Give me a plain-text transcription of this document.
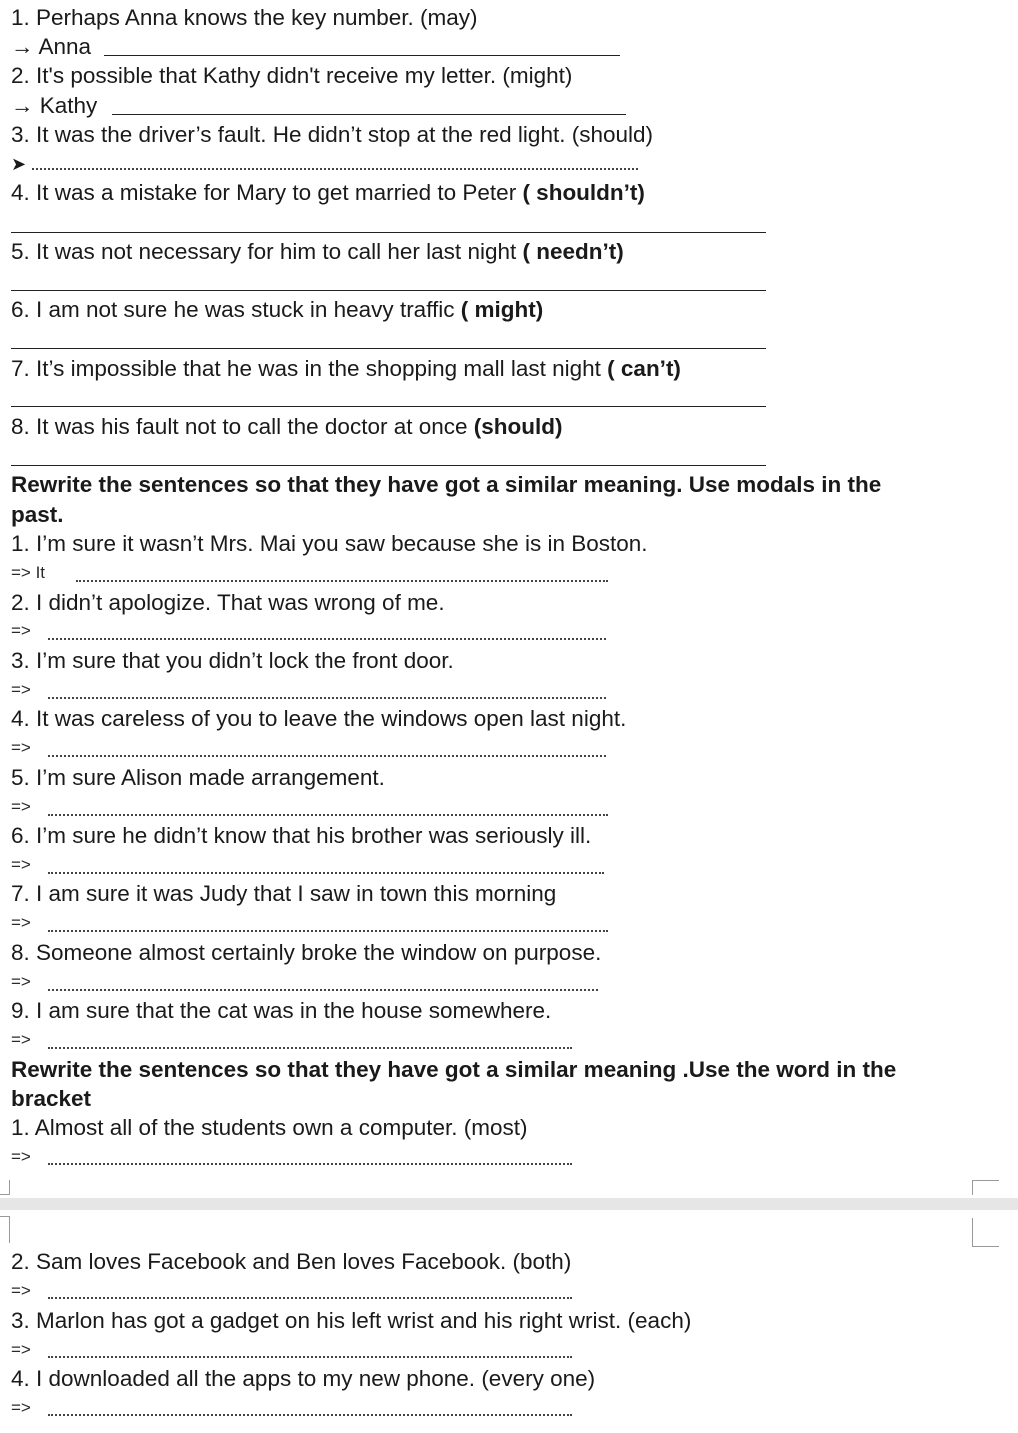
1. Perhaps Anna knows the key number. (may)
→ Anna
2. It's possible that Kathy didn't receive my letter. (might)
→ Kathy
3. It was the driver’s fault. He didn’t stop at the red light. (should)
➤
4. It was a mistake for Mary to get married to Peter ( shouldn’t)
5. It was not necessary for him to call her last night ( needn’t)
6. I am not sure he was stuck in heavy traffic ( might)
7. It’s impossible that he was in the shopping mall last night ( can’t)
8. It was his fault not to call the doctor at once (should)
Rewrite the sentences so that they have got a similar meaning. Use modals in the
past.
1. I’m sure it wasn’t Mrs. Mai you saw because she is in Boston.
=> It
2. I didn’t apologize. That was wrong of me.
=>
3. I’m sure that you didn’t lock the front door.
=>
4. It was careless of you to leave the windows open last night.
=>
5. I’m sure Alison made arrangement.
=>
6. I’m sure he didn’t know that his brother was seriously ill.
=>
7. I am sure it was Judy that I saw in town this morning
=>
8. Someone almost certainly broke the window on purpose.
=>
9. I am sure that the cat was in the house somewhere.
=>
Rewrite the sentences so that they have got a similar meaning .Use the word in the
bracket
1. Almost all of the students own a computer. (most)
=>
2. Sam loves Facebook and Ben loves Facebook. (both)
=>
3. Marlon has got a gadget on his left wrist and his right wrist. (each)
=>
4. I downloaded all the apps to my new phone. (every one)
=>
